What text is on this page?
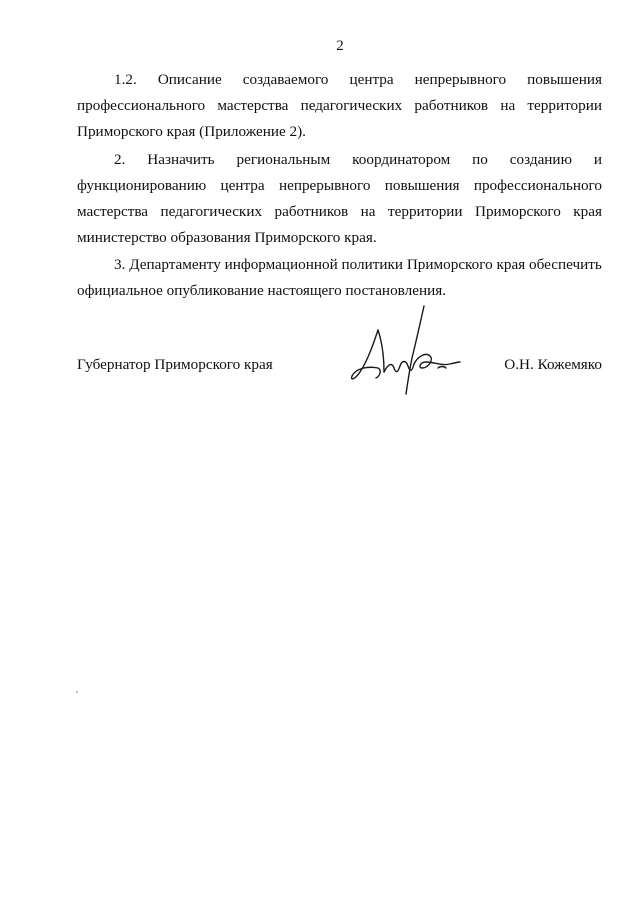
2
1.2. Описание создаваемого центра непрерывного повышения
профессионального мастерства педагогических работников на территории
Приморского края (Приложение 2).
2. Назначить региональным координатором по созданию и
функционированию центра непрерывного повышения профессионального
мастерства педагогических работников на территории Приморского края
министерство образования Приморского края.
3. Департаменту информационной политики Приморского края обеспечить
официальное опубликование настоящего постановления.
Губернатор Приморского края	О.Н. Кожемяко
